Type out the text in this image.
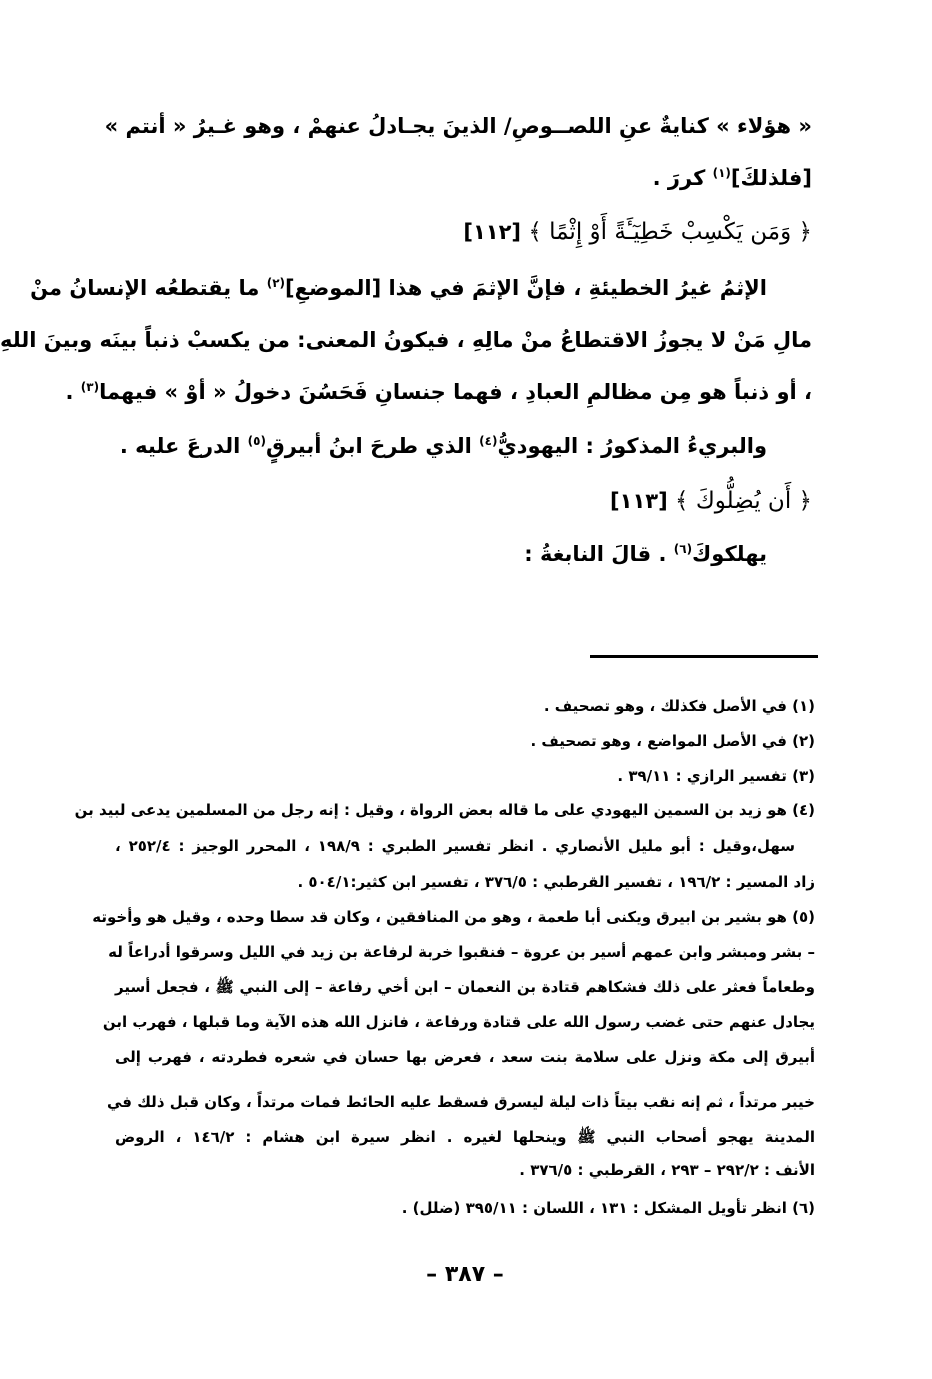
« هؤلاء » كنايةٌ عنِ اللصــوصِ/ الذينَ يجـادلُ عنهمْ ، وهو غـيرُ « أنتم »
[فلذلكَ]$^{(١)}$ كررَ .
﴿ وَمَن يَكْسِبْ خَطِيٓـَٔةً أَوْ إِثْمًا ﴾ [١١٢]
الإثمُ غيرُ الخطيئةِ ، فإنَّ الإثمَ في هذا [الموضعِ]$^{(٢)}$ ما يقتطعُه الإنسانُ منْ
مالِ مَنْ لا يجوزُ الاقتطاعُ منْ مالِهِ ، فيكونُ المعنى: من يكسبْ ذنباً بينَه وبينَ اللهِ
، أو ذنباً هو مِن مظالمِ العبادِ ، فهما جنسانِ فَحَسُنَ دخولُ « أوْ » فيهما$^{(٣)}$ .
والبريءُ المذكورُ : اليهوديُّ$^{(٤)}$ الذي طرحَ ابنُ أبيرقٍ$^{(٥)}$ الدرعَ عليه .
﴿ أَن يُضِلُّوكَ ﴾ [١١٣]
يهلكوكَ$^{(٦)}$ . قالَ النابغةُ :
(١) في الأصل فكذلك ، وهو تصحيف .
(٢) في الأصل المواضع ، وهو تصحيف .
(٣) تفسير الرازي : ٣٩/١١ .
(٤) هو زيد بن السمين اليهودي على ما قاله بعض الرواة ، وقيل : إنه رجل من المسلمين يدعى لبيد بن
سهل،وقيل : أبو مليل الأنصاري . انظر تفسير الطبري : ١٩٨/٩ ، المحرر الوجيز : ٢٥٢/٤ ،
زاد المسير : ١٩٦/٢ ، تفسير القرطبي : ٣٧٦/٥ ، تفسير ابن كثير:٥٠٤/١ .
(٥) هو بشير بن ابيرق ويكنى أبا طعمة ، وهو من المنافقين ، وكان قد سطا وحده ، وقيل هو وأخوته
– بشر ومبشر وابن عمهم أسير بن عروة – فنقبوا خربة لرفاعة بن زيد في الليل وسرقوا أدراعاً له
وطعاماً فعثر على ذلك فشكاهم قتادة بن النعمان – ابن أخي رفاعة – إلى النبي ﷺ ، فجعل أسير
يجادل عنهم حتى غضب رسول الله على قتادة ورفاعة ، فانزل الله هذه الآية وما قبلها ، فهرب ابن
أبيرق إلى مكة ونزل على سلامة بنت سعد ، فعرض بها حسان في شعره فطردته ، فهرب إلى
خيبر مرتداً ، ثم إنه نقب بيتاً ذات ليلة ليسرق فسقط عليه الحائط فمات مرتداً ، وكان قبل ذلك في
المدينة يهجو أصحاب النبي ﷺ وينحلها لغيره . انظر سيرة ابن هشام : ١٤٦/٢ ، الروض
الأنف : ٢٩٢/٢ – ٢٩٣ ، القرطبي : ٣٧٦/٥ .
(٦) انظر تأويل المشكل : ١٣١ ، اللسان : ٣٩٥/١١ (ضلل) .
– ٣٨٧ –
